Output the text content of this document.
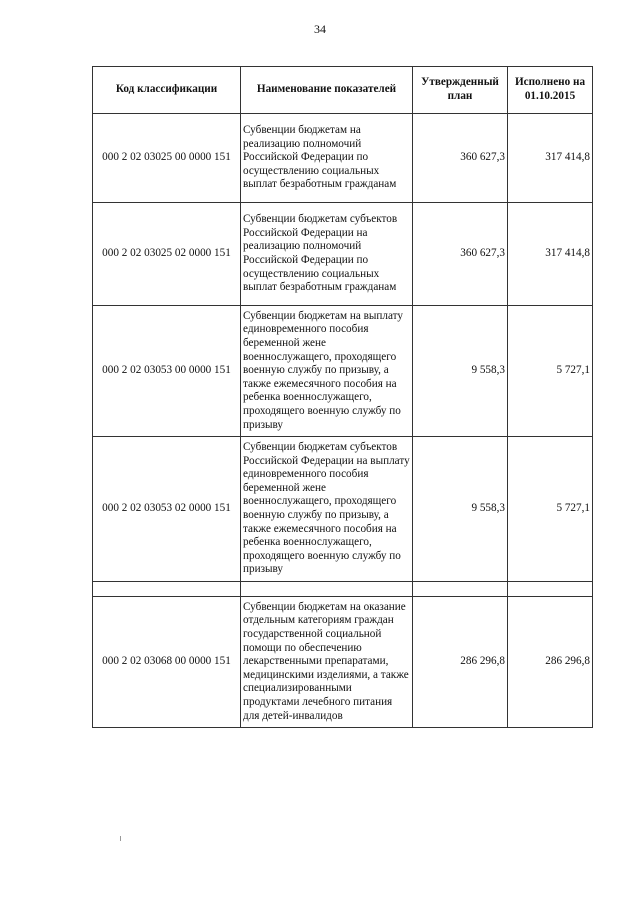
34
Код классификации	Наименование показателей	Утвержденный план	Исполнено на 01.10.2015
000 2 02 03025 00 0000 151	Субвенции бюджетам на реализацию полномочий Российской Федерации по осуществлению социальных выплат безработным гражданам	360 627,3	317 414,8
000 2 02 03025 02 0000 151	Субвенции бюджетам субъектов Российской Федерации на реализацию полномочий Российской Федерации по осуществлению социальных выплат безработным гражданам	360 627,3	317 414,8
000 2 02 03053 00 0000 151	Субвенции бюджетам на выплату единовременного пособия беременной жене военнослужащего, проходящего военную службу по призыву, а также ежемесячного пособия на ребенка военнослужащего, проходящего военную службу по призыву	9 558,3	5 727,1
000 2 02 03053 02 0000 151	Субвенции бюджетам субъектов Российской Федерации на выплату единовременного пособия беременной жене военнослужащего, проходящего военную службу по призыву, а также ежемесячного пособия на ребенка военнослужащего, проходящего военную службу по призыву	9 558,3	5 727,1

000 2 02 03068 00 0000 151	Субвенции бюджетам на оказание отдельным категориям граждан государственной социальной помощи по обеспечению лекарственными препаратами, медицинскими изделиями, а также специализированными продуктами лечебного питания для детей-инвалидов	286 296,8	286 296,8
